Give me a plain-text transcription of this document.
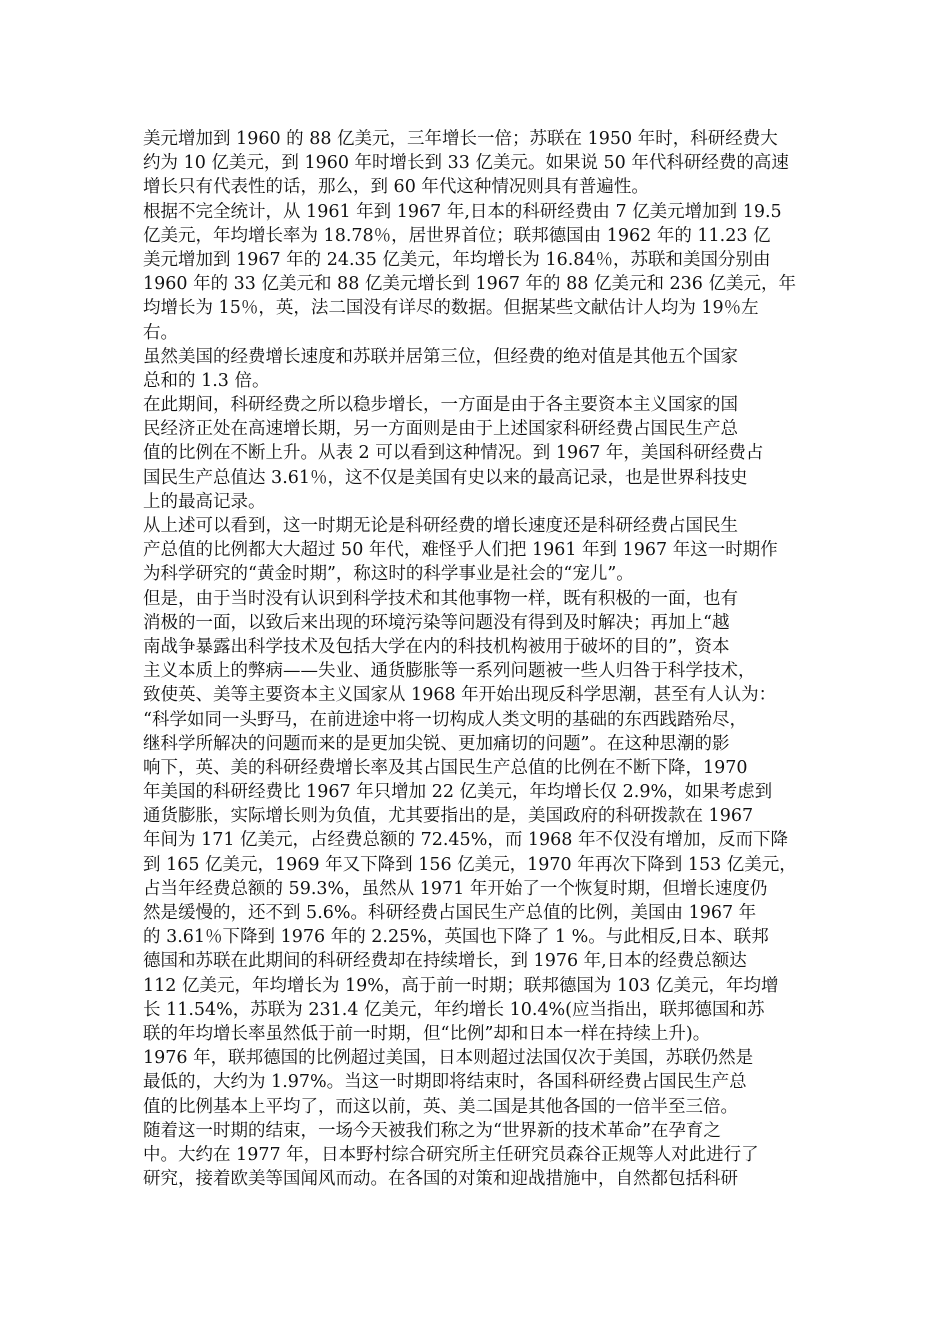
美元增加到 1960 的 88 亿美元，三年增长一倍；苏联在 1950 年时，科研经费大
约为 10 亿美元，到 1960 年时增长到 33 亿美元。如果说 50 年代科研经费的高速
增长只有代表性的话，那么，到 60 年代这种情况则具有普遍性。
根据不完全统计，从 1961 年到 1967 年,日本的科研经费由 7 亿美元增加到 19.5
亿美元，年均增长率为 18.78％，居世界首位；联邦德国由 1962 年的 11.23 亿
美元增加到 1967 年的 24.35 亿美元，年均增长为 16.84％，苏联和美国分别由
1960 年的 33 亿美元和 88 亿美元增长到 1967 年的 88 亿美元和 236 亿美元，年
均增长为 15％，英，法二国没有详尽的数据。但据某些文献估计人均为 19％左
右。
虽然美国的经费增长速度和苏联并居第三位，但经费的绝对值是其他五个国家
总和的 1.3 倍。
在此期间，科研经费之所以稳步增长，一方面是由于各主要资本主义国家的国
民经济正处在高速增长期，另一方面则是由于上述国家科研经费占国民生产总
值的比例在不断上升。从表 2 可以看到这种情况。到 1967 年，美国科研经费占
国民生产总值达 3.61％，这不仅是美国有史以来的最高记录，也是世界科技史
上的最高记录。
从上述可以看到，这一时期无论是科研经费的增长速度还是科研经费占国民生
产总值的比例都大大超过 50 年代，难怪乎人们把 1961 年到 1967 年这一时期作
为科学研究的“黄金时期”，称这时的科学事业是社会的“宠儿”。
但是，由于当时没有认识到科学技术和其他事物一样，既有积极的一面，也有
消极的一面，以致后来出现的环境污染等问题没有得到及时解决；再加上“越
南战争暴露出科学技术及包括大学在内的科技机构被用于破坏的目的”，资本
主义本质上的弊病——失业、通货膨胀等一系列问题被一些人归咎于科学技术，
致使英、美等主要资本主义国家从 1968 年开始出现反科学思潮，甚至有人认为：
“科学如同一头野马，在前进途中将一切构成人类文明的基础的东西践踏殆尽，
继科学所解决的问题而来的是更加尖锐、更加痛切的问题”。在这种思潮的影
响下，英、美的科研经费增长率及其占国民生产总值的比例在不断下降，1970
年美国的科研经费比 1967 年只增加 22 亿美元，年均增长仅 2.9%，如果考虑到
通货膨胀，实际增长则为负值，尤其要指出的是，美国政府的科研拨款在 1967
年间为 171 亿美元，占经费总额的 72.45%，而 1968 年不仅没有增加，反而下降
到 165 亿美元，1969 年又下降到 156 亿美元，1970 年再次下降到 153 亿美元，
占当年经费总额的 59.3%，虽然从 1971 年开始了一个恢复时期，但增长速度仍
然是缓慢的，还不到 5.6%。科研经费占国民生产总值的比例，美国由 1967 年
的 3.61％下降到 1976 年的 2.25%，英国也下降了 1 %。与此相反,日本、联邦
德国和苏联在此期间的科研经费却在持续增长，到 1976 年,日本的经费总额达
112 亿美元，年均增长为 19%，高于前一时期；联邦德国为 103 亿美元，年均增
长 11.54%，苏联为 231.4 亿美元，年约增长 10.4%(应当指出，联邦德国和苏
联的年均增长率虽然低于前一时期，但“比例”却和日本一样在持续上升)。
1976 年，联邦德国的比例超过美国，日本则超过法国仅次于美国，苏联仍然是
最低的，大约为 1.97%。当这一时期即将结束时，各国科研经费占国民生产总
值的比例基本上平均了，而这以前，英、美二国是其他各国的一倍半至三倍。
随着这一时期的结束，一场今天被我们称之为“世界新的技术革命”在孕育之
中。大约在 1977 年，日本野村综合研究所主任研究员森谷正规等人对此进行了
研究，接着欧美等国闻风而动。在各国的对策和迎战措施中，自然都包括科研
